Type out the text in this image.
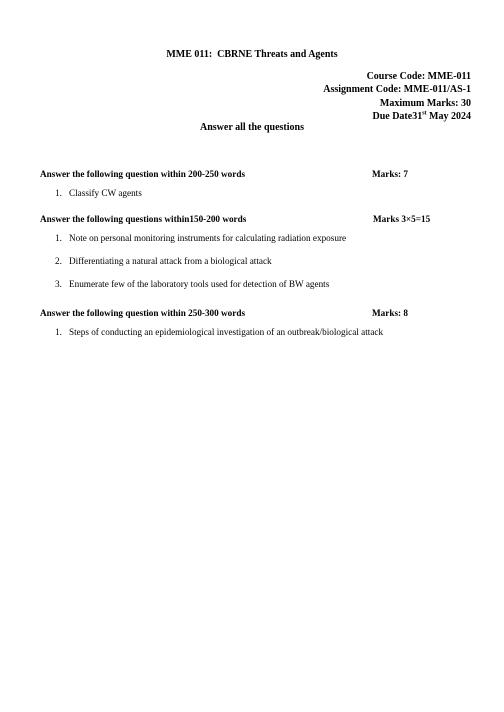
MME 011:  CBRNE Threats and Agents
Course Code: MME-011
Assignment Code: MME-011/AS-1
Maximum Marks: 30
Due Date31st May 2024
Answer all the questions
Answer the following question within 200-250 words	Marks: 7
1. Classify CW agents
Answer the following questions within150-200 words	Marks 3×5=15
1. Note on personal monitoring instruments for calculating radiation exposure
2. Differentiating a natural attack from a biological attack
3. Enumerate few of the laboratory tools used for detection of BW agents
Answer the following question within 250-300 words	Marks: 8
1. Steps of conducting an epidemiological investigation of an outbreak/biological attack
